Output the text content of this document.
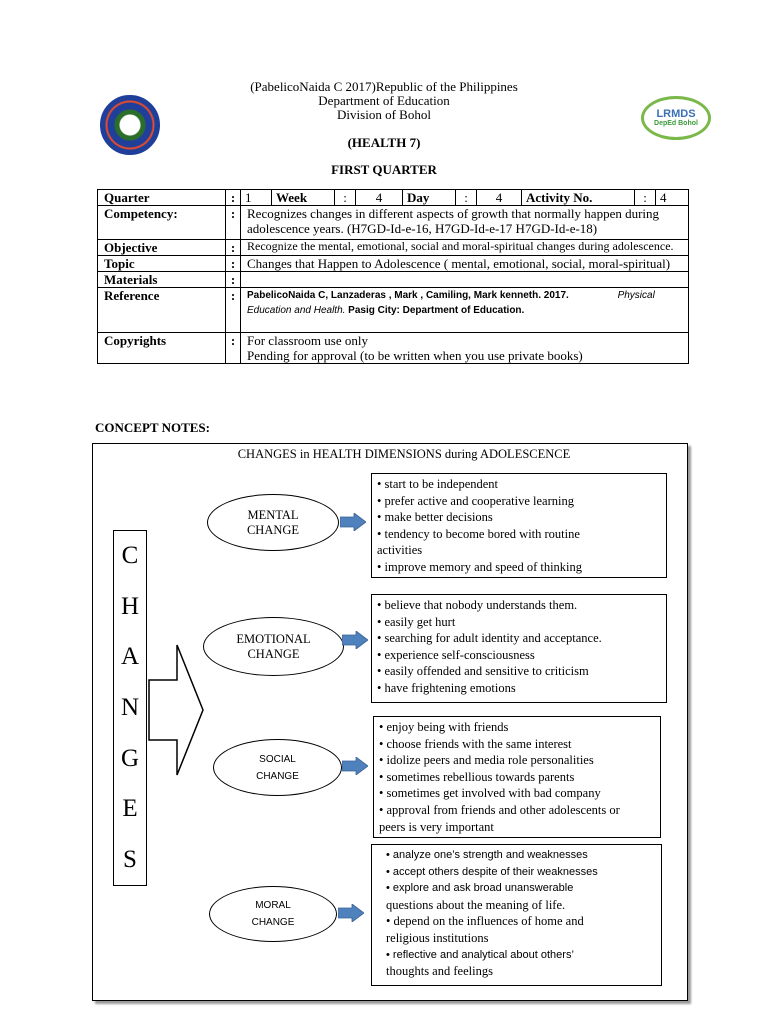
(PabelicoNaida C 2017)Republic of the Philippines
Department of Education
Division of Bohol
(HEALTH 7)
FIRST QUARTER
LRMDS
DepEd Bohol
Quarter	:	1	Week	:	4	Day	:	4	Activity No.	:	4

Competency:	:	Recognizes changes in different aspects of growth that normally happen during adolescence years. (H7GD-Id-e-16, H7GD-Id-e-17 H7GD-Id-e-18)
Objective	:	Recognize the mental, emotional, social and moral-spiritual changes during adolescence.
Topic	:	Changes that Happen to Adolescence ( mental, emotional, social, moral-spiritual)
Materials	:	
Reference	:	PabelicoNaida C, Lanzaderas , Mark , Camiling, Mark kenneth. 2017.	Physical Education and Health. Pasig City: Department of Education.
Copyrights	:	For classroom use only
Pending for approval (to be written when you use private books)
CONCEPT NOTES:
CHANGES in HEALTH DIMENSIONS during ADOLESCENCE
C
H
A
N
G
E
S
MENTAL CHANGE
EMOTIONAL CHANGE
SOCIAL CHANGE
MORAL CHANGE
• start to be independent
• prefer active and cooperative learning
• make better decisions
• tendency to become bored with routine
activities
• improve memory and speed of thinking
• believe that nobody understands them.
• easily get hurt
• searching for adult identity and acceptance.
• experience self-consciousness
• easily offended and sensitive to criticism
• have frightening emotions
• enjoy being with friends
• choose friends with the same interest
• idolize peers and media role personalities
• sometimes rebellious towards parents
• sometimes get involved with bad company
• approval from friends and other adolescents or
peers is very important
• analyze one’s strength and weaknesses
• accept others despite of their weaknesses
• explore and ask broad unanswerable
questions about the meaning of life.
• depend on the influences of home and
religious institutions
• reflective and analytical about others’
thoughts and feelings
